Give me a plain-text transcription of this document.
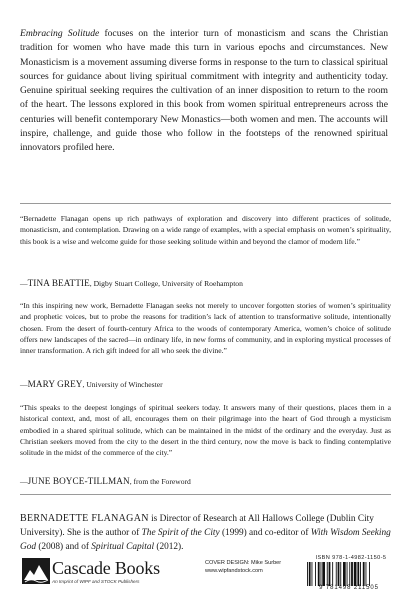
Embracing Solitude focuses on the interior turn of monasticism and scans the Christian tradition for women who have made this turn in various epochs and circumstances. New Monasticism is a movement assuming diverse forms in response to the turn to classical spiritual sources for guidance about living spiritual commitment with integrity and authenticity today. Genuine spiritual seeking requires the cultivation of an inner disposition to return to the room of the heart. The lessons explored in this book from women spiritual entrepreneurs across the centuries will benefit contemporary New Monastics—both women and men. The accounts will inspire, challenge, and guide those who follow in the footsteps of the renowned spiritual innovators profiled here.

“Bernadette Flanagan opens up rich pathways of exploration and discovery into different practices of solitude, monasticism, and contemplation. Drawing on a wide range of examples, with a special emphasis on women’s spirituality, this book is a wise and welcome guide for those seeking solitude within and beyond the clamor of modern life.”

—TINA BEATTIE, Digby Stuart College, University of Roehampton

“In this inspiring new work, Bernadette Flanagan seeks not merely to uncover forgotten stories of women’s spirituality and prophetic voices, but to probe the reasons for tradition’s lack of attention to transformative solitude, intentionally chosen. From the desert of fourth-century Africa to the woods of contemporary America, women’s choice of solitude offers new landscapes of the sacred—in ordinary life, in new forms of community, and in exploring mystical processes of inner transformation. A rich gift indeed for all who seek the divine.”

—MARY GREY, University of Winchester

“This speaks to the deepest longings of spiritual seekers today. It answers many of their questions, places them in a historical context, and, most of all, encourages them on their pilgrimage into the heart of God through a mysticism embodied in a shared spiritual solitude, which can be maintained in the midst of the ordinary and the everyday. Just as Christian seekers moved from the city to the desert in the third century, now the move is back to finding contemplative solitude in the midst of the commerce of the city.”

—JUNE BOYCE-TILLMAN, from the Foreword

BERNADETTE FLANAGAN is Director of Research at All Hallows College (Dublin City University). She is the author of The Spirit of the City (1999) and co-editor of With Wisdom Seeking God (2008) and of Spiritual Capital (2012).

Cascade Books
An Imprint of WIPF and STOCK Publishers
COVER DESIGN: Mike Surber
www.wipfandstock.com
ISBN 978-1-4982-1150-5
9 781498 211505
